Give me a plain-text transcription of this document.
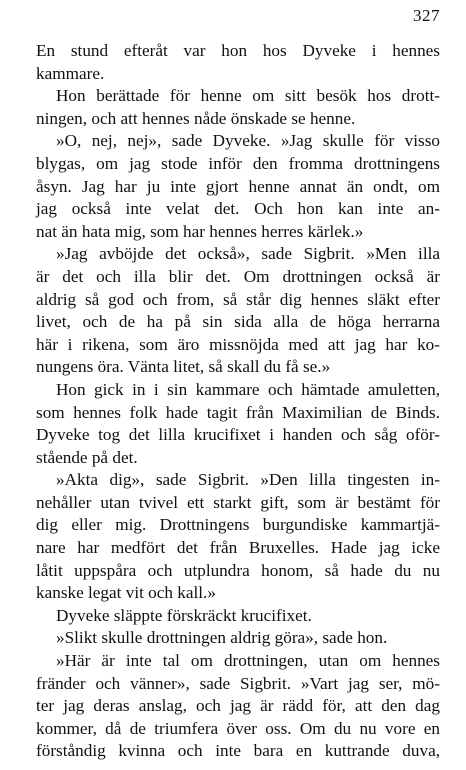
327
En stund efteråt var hon hos Dyveke i hennes
kammare.
Hon berättade för henne om sitt besök hos drott-
ningen, och att hennes nåde önskade se henne.
»O, nej, nej», sade Dyveke. »Jag skulle för visso
blygas, om jag stode inför den fromma drottningens
åsyn. Jag har ju inte gjort henne annat än ondt, om
jag också inte velat det. Och hon kan inte an-
nat än hata mig, som har hennes herres kärlek.»
»Jag avböjde det också», sade Sigbrit. »Men illa
är det och illa blir det. Om drottningen också är
aldrig så god och from, så står dig hennes släkt efter
livet, och de ha på sin sida alla de höga herrarna
här i rikena, som äro missnöjda med att jag har ko-
nungens öra. Vänta litet, så skall du få se.»
Hon gick in i sin kammare och hämtade amuletten,
som hennes folk hade tagit från Maximilian de Binds.
Dyveke tog det lilla krucifixet i handen och såg oför-
stående på det.
»Akta dig», sade Sigbrit. »Den lilla tingesten in-
nehåller utan tvivel ett starkt gift, som är bestämt för
dig eller mig. Drottningens burgundiske kammartjä-
nare har medfört det från Bruxelles. Hade jag icke
låtit uppspåra och utplundra honom, så hade du nu
kanske legat vit och kall.»
Dyveke släppte förskräckt krucifixet.
»Slikt skulle drottningen aldrig göra», sade hon.
»Här är inte tal om drottningen, utan om hennes
fränder och vänner», sade Sigbrit. »Vart jag ser, mö-
ter jag deras anslag, och jag är rädd för, att den dag
kommer, då de triumfera över oss. Om du nu vore en
förståndig kvinna och inte bara en kuttrande duva,
